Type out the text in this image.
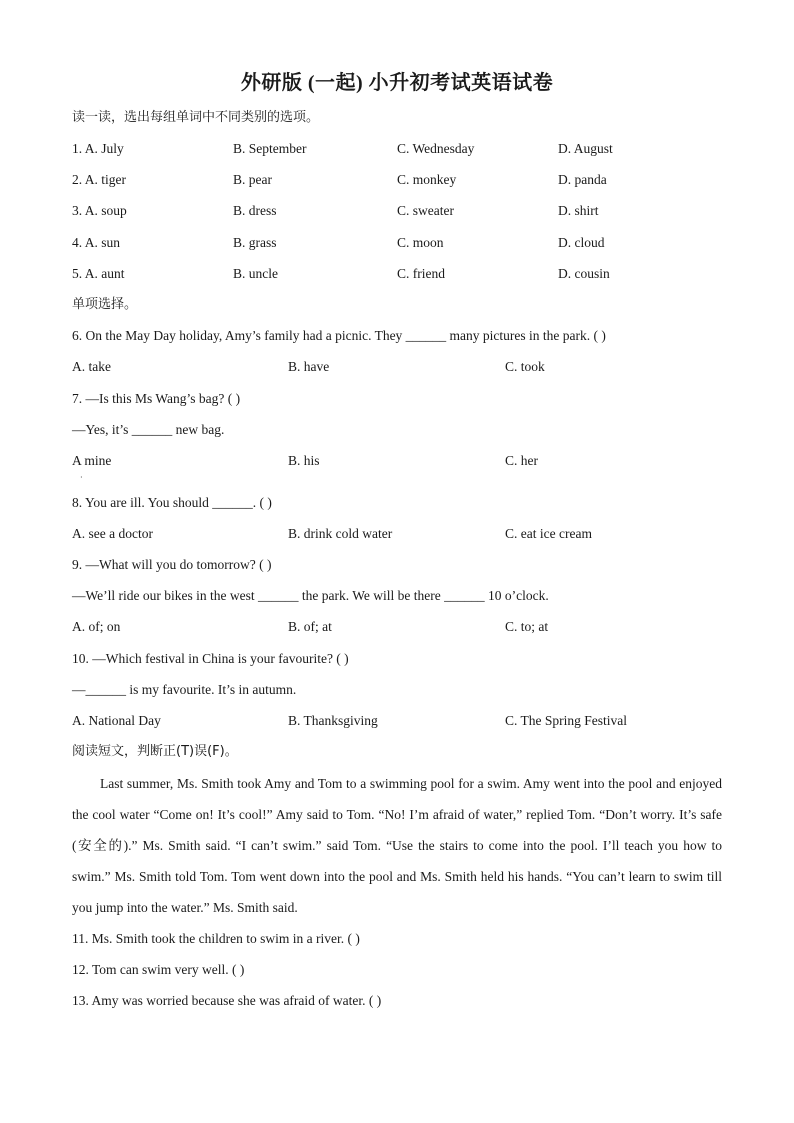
外研版 (一起) 小升初考试英语试卷
读一读，选出每组单词中不同类别的选项。
1. A. July	B. September	C. Wednesday	D. August
2. A. tiger	B. pear	C. monkey	D. panda
3. A. soup	B. dress	C. sweater	D. shirt
4. A. sun	B. grass	C. moon	D. cloud
5. A. aunt	B. uncle	C. friend	D. cousin
单项选择。
6. On the May Day holiday, Amy’s family had a picnic. They ______ many pictures in the park. ( )
A. take	B. have	C. took
7. —Is this Ms Wang’s bag? ( )
—Yes, it’s ______ new bag.
A mine	B. his	C. her
·
8. You are ill. You should ______. ( )
A. see a doctor	B. drink cold water	C. eat ice cream
9. —What will you do tomorrow? ( )
—We’ll ride our bikes in the west ______ the park. We will be there ______ 10 o’clock.
A. of; on	B. of; at	C. to; at
10. —Which festival in China is your favourite? ( )
—______ is my favourite. It’s in autumn.
A. National Day	B. Thanksgiving	C. The Spring Festival
阅读短文，判断正(T)误(F)。
Last summer, Ms. Smith took Amy and Tom to a swimming pool for a swim. Amy went into the pool and enjoyed the cool water “Come on! It’s cool!” Amy said to Tom. “No! I’m afraid of water,” replied Tom. “Don’t worry. It’s safe (安全的).” Ms. Smith said. “I can’t swim.” said Tom. “Use the stairs to come into the pool. I’ll teach you how to swim.” Ms. Smith told Tom. Tom went down into the pool and Ms. Smith held his hands. “You can’t learn to swim till you jump into the water.” Ms. Smith said.
11. Ms. Smith took the children to swim in a river. ( )
12. Tom can swim very well. ( )
13. Amy was worried because she was afraid of water. ( )
